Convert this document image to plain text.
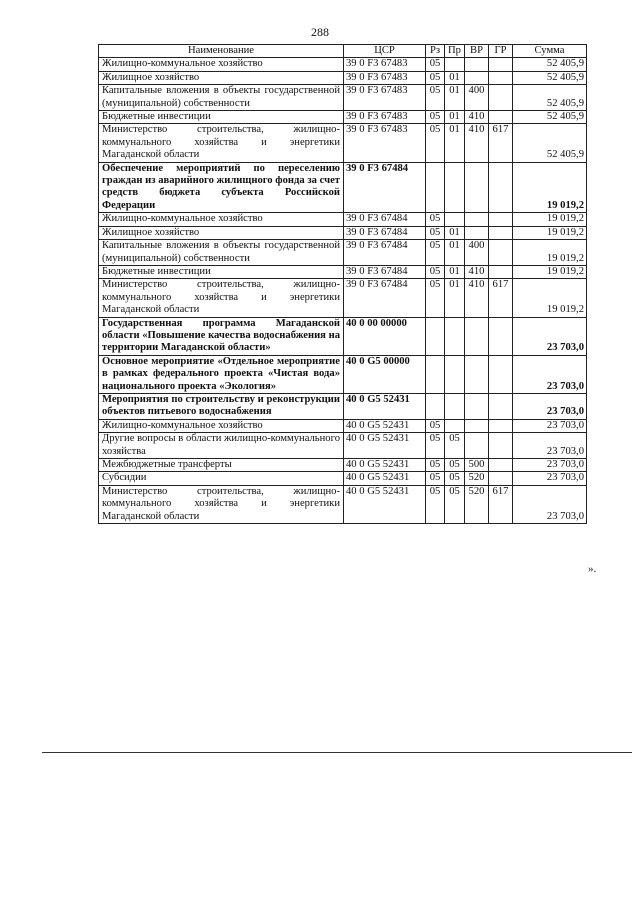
288
Наименование	ЦСР	Рз	Пр	ВР	ГР	Сумма
Жилищно-коммунальное хозяйство	39 0 F3 67483	05				52 405,9
Жилищное хозяйство	39 0 F3 67483	05	01			52 405,9
Капитальные вложения в объекты государственной (муниципальной) собственности	39 0 F3 67483	05	01	400		52 405,9
Бюджетные инвестиции	39 0 F3 67483	05	01	410		52 405,9
Министерство строительства, жилищно-коммунального хозяйства и энергетики Магаданской области	39 0 F3 67483	05	01	410	617	52 405,9
Обеспечение мероприятий по переселению граждан из аварийного жилищного фонда за счет средств бюджета субъекта Российской Федерации	39 0 F3 67484					19 019,2
Жилищно-коммунальное хозяйство	39 0 F3 67484	05				19 019,2
Жилищное хозяйство	39 0 F3 67484	05	01			19 019,2
Капитальные вложения в объекты государственной (муниципальной) собственности	39 0 F3 67484	05	01	400		19 019,2
Бюджетные инвестиции	39 0 F3 67484	05	01	410		19 019,2
Министерство строительства, жилищно-коммунального хозяйства и энергетики Магаданской области	39 0 F3 67484	05	01	410	617	19 019,2
Государственная программа Магаданской области «Повышение качества водоснабжения на территории Магаданской области»	40 0 00 00000					23 703,0
Основное мероприятие «Отдельное мероприятие в рамках федерального проекта «Чистая вода» национального проекта «Экология»	40 0 G5 00000					23 703,0
Мероприятия по строительству и реконструкции объектов питьевого водоснабжения	40 0 G5 52431					23 703,0
Жилищно-коммунальное хозяйство	40 0 G5 52431	05				23 703,0
Другие вопросы в области жилищно-коммунального хозяйства	40 0 G5 52431	05	05			23 703,0
Межбюджетные трансферты	40 0 G5 52431	05	05	500		23 703,0
Субсидии	40 0 G5 52431	05	05	520		23 703,0
Министерство строительства, жилищно-коммунального хозяйства и энергетики Магаданской области	40 0 G5 52431	05	05	520	617	23 703,0
».
